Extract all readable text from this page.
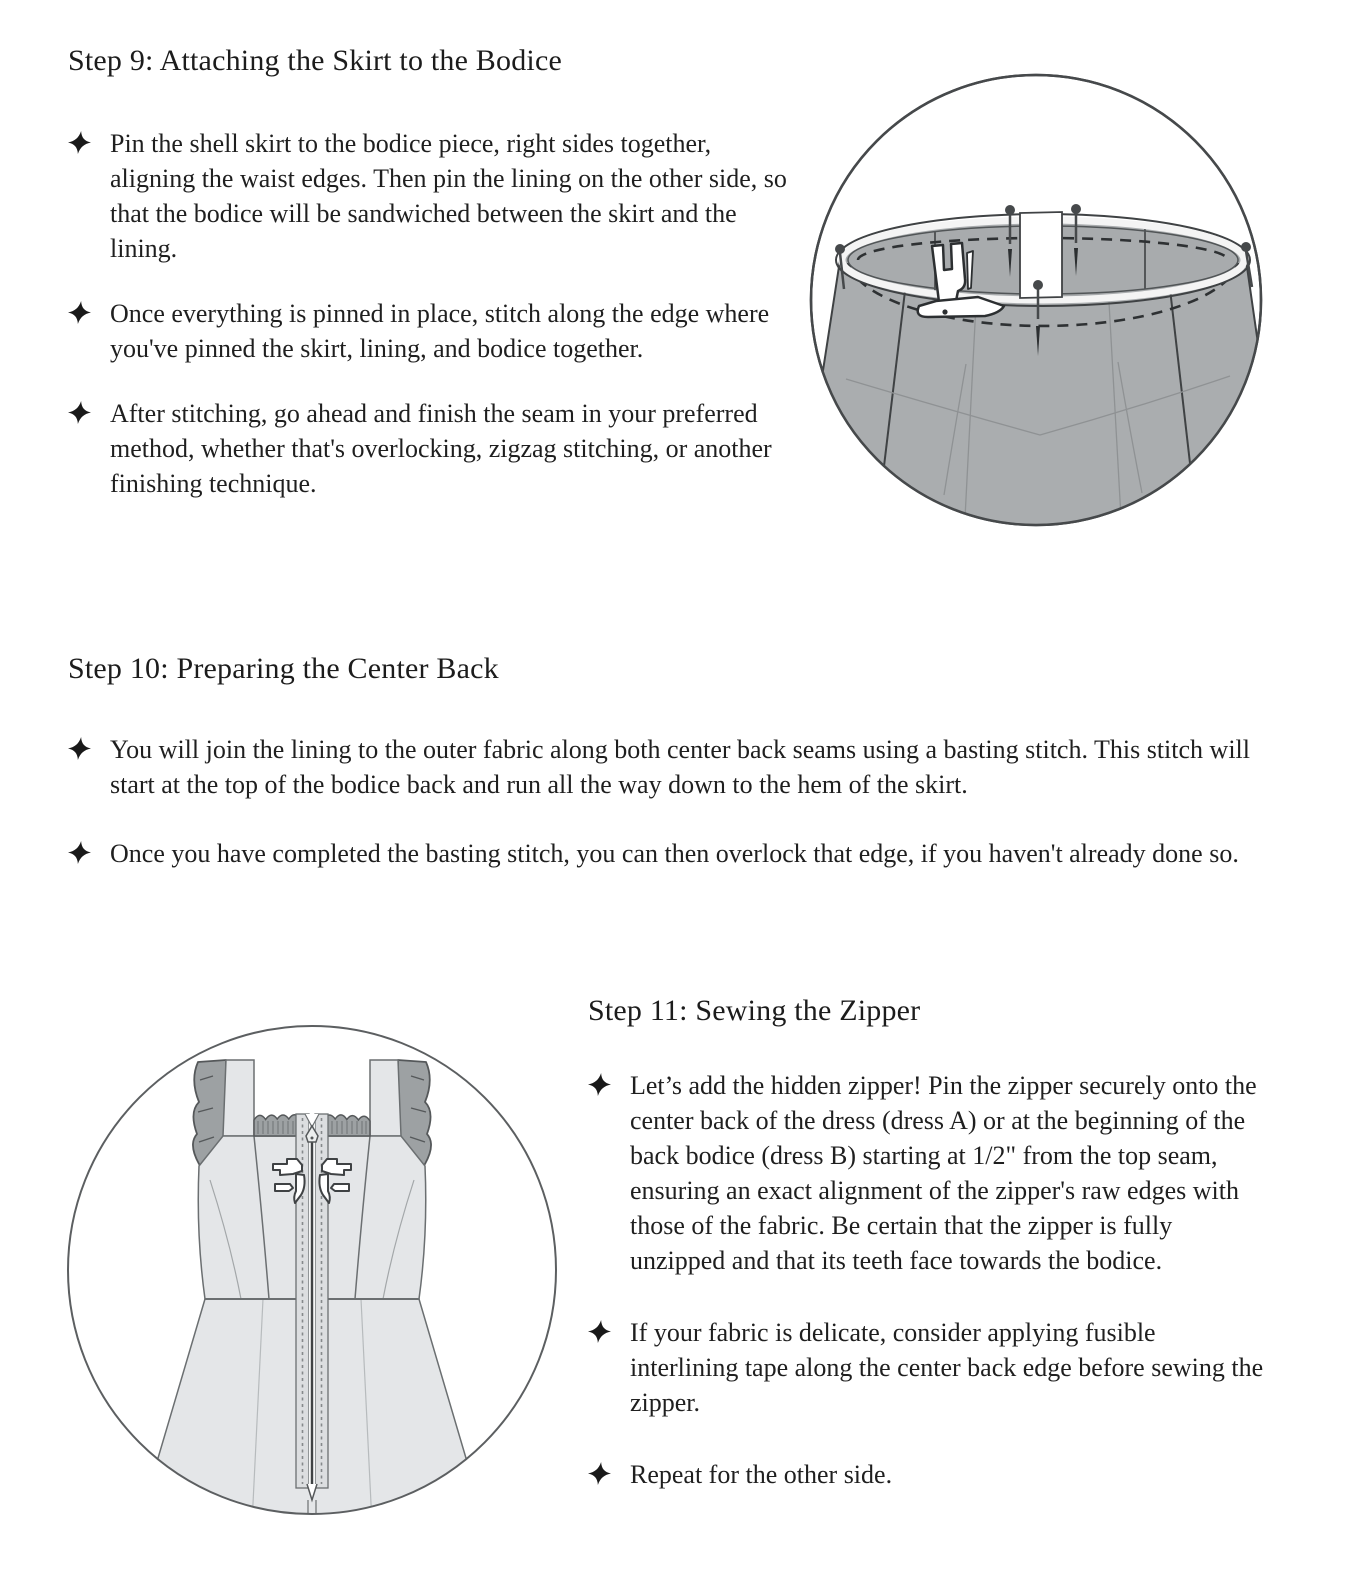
Step 9: Attaching the Skirt to the Bodice
Pin the shell skirt to the bodice piece, right sides together, aligning the waist edges. Then pin the lining on the other side, so that the bodice will be sandwiched between the skirt and the lining.
Once everything is pinned in place, stitch along the edge where you've pinned the skirt, lining, and bodice together.
After stitching, go ahead and finish the seam in your preferred method, whether that's overlocking, zigzag stitching, or another finishing technique.
Step 10: Preparing the Center Back
You will join the lining to the outer fabric along both center back seams using a basting stitch. This stitch will start at the top of the bodice back and run all the way down to the hem of the skirt.
Once you have completed the basting stitch, you can then overlock that edge, if you haven't already done so.
Step 11: Sewing the Zipper
Let’s add the hidden zipper! Pin the zipper securely onto the center back of the dress (dress A) or at the beginning of the back bodice (dress B) starting at 1/2" from the top seam, ensuring an exact alignment of the zipper's raw edges with those of the fabric. Be certain that the zipper is fully unzipped and that its teeth face towards the bodice.
If your fabric is delicate, consider applying fusible interlining tape along the center back edge before sewing the zipper.
Repeat for the other side.
